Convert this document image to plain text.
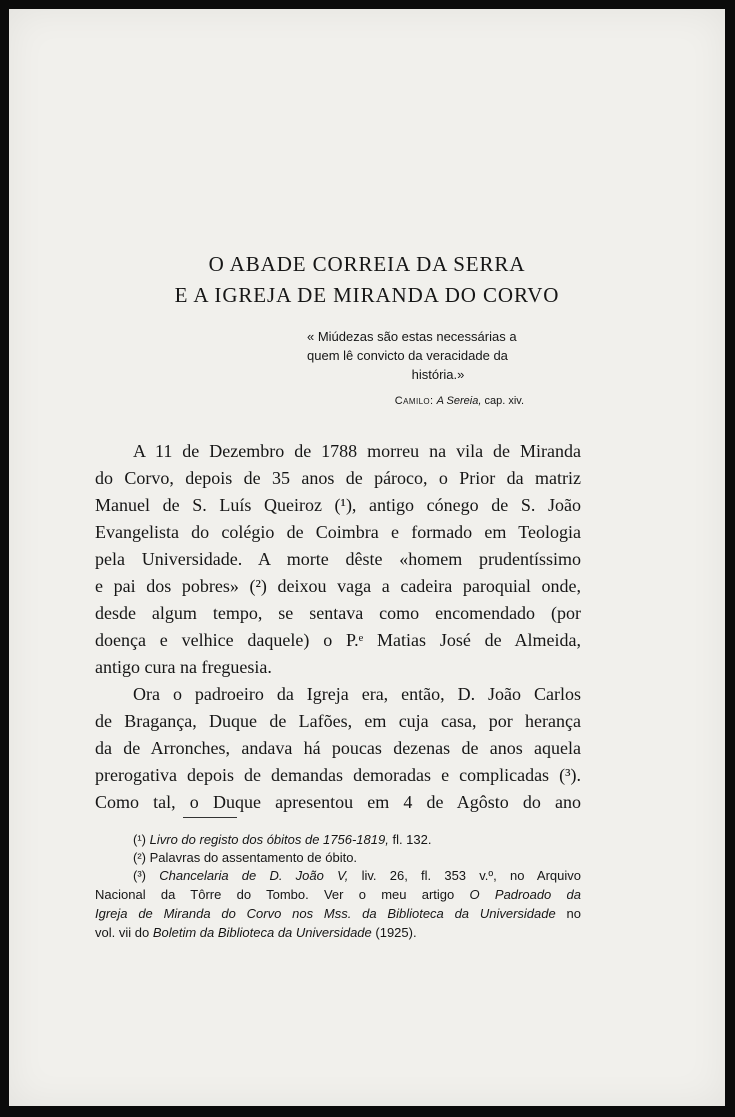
O ABADE CORREIA DA SERRA
E A IGREJA DE MIRANDA DO CORVO
« Miúdezas são estas necessárias a
quem lê convicto da veracidade da
história.»
Camilo: A Sereia, cap. xiv.
A 11 de Dezembro de 1788 morreu na vila de Miranda
do Corvo, depois de 35 anos de pároco, o Prior da matriz
Manuel de S. Luís Queiroz (¹), antigo cónego de S. João
Evangelista do colégio de Coimbra e formado em Teologia
pela Universidade. A morte dêste «homem prudentíssimo
e pai dos pobres» (²) deixou vaga a cadeira paroquial onde,
desde algum tempo, se sentava como encomendado (por
doença e velhice daquele) o P.ᵉ Matias José de Almeida,
antigo cura na freguesia.
Ora o padroeiro da Igreja era, então, D. João Carlos
de Bragança, Duque de Lafões, em cuja casa, por herança
da de Arronches, andava há poucas dezenas de anos aquela
prerogativa depois de demandas demoradas e complicadas (³).
Como tal, o Duque apresentou em 4 de Agôsto do ano
(¹) Livro do registo dos óbitos de 1756-1819, fl. 132.
(²) Palavras do assentamento de óbito.
(³) Chancelaria de D. João V, liv. 26, fl. 353 v.º, no Arquivo
Nacional da Tôrre do Tombo. Ver o meu artigo O Padroado da
Igreja de Miranda do Corvo nos Mss. da Biblioteca da Universidade no
vol. vii do Boletim da Biblioteca da Universidade (1925).
